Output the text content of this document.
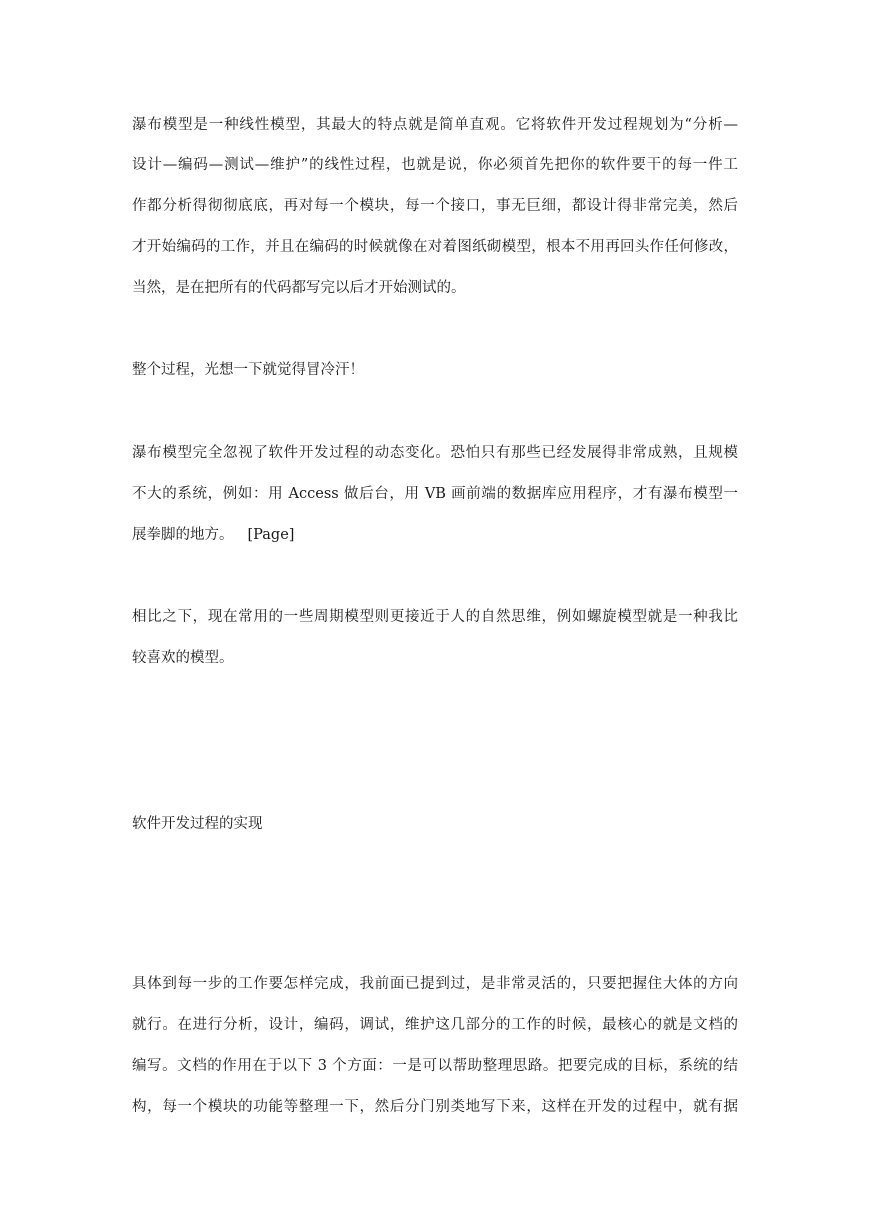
瀑布模型是一种线性模型，其最大的特点就是简单直观。它将软件开发过程规划为“分析—
设计—编码—测试—维护”的线性过程，也就是说，你必须首先把你的软件要干的每一件工
作都分析得彻彻底底，再对每一个模块，每一个接口，事无巨细，都设计得非常完美，然后
才开始编码的工作，并且在编码的时候就像在对着图纸砌模型，根本不用再回头作任何修改，
当然，是在把所有的代码都写完以后才开始测试的。
整个过程，光想一下就觉得冒冷汗！
瀑布模型完全忽视了软件开发过程的动态变化。恐怕只有那些已经发展得非常成熟，且规模
不大的系统，例如：用 Access 做后台，用 VB 画前端的数据库应用程序，才有瀑布模型一
展拳脚的地方。 [Page]
相比之下，现在常用的一些周期模型则更接近于人的自然思维，例如螺旋模型就是一种我比
较喜欢的模型。
软件开发过程的实现
具体到每一步的工作要怎样完成，我前面已提到过，是非常灵活的，只要把握住大体的方向
就行。在进行分析，设计，编码，调试，维护这几部分的工作的时候，最核心的就是文档的
编写。文档的作用在于以下 3 个方面：一是可以帮助整理思路。把要完成的目标，系统的结
构，每一个模块的功能等整理一下，然后分门别类地写下来，这样在开发的过程中，就有据
